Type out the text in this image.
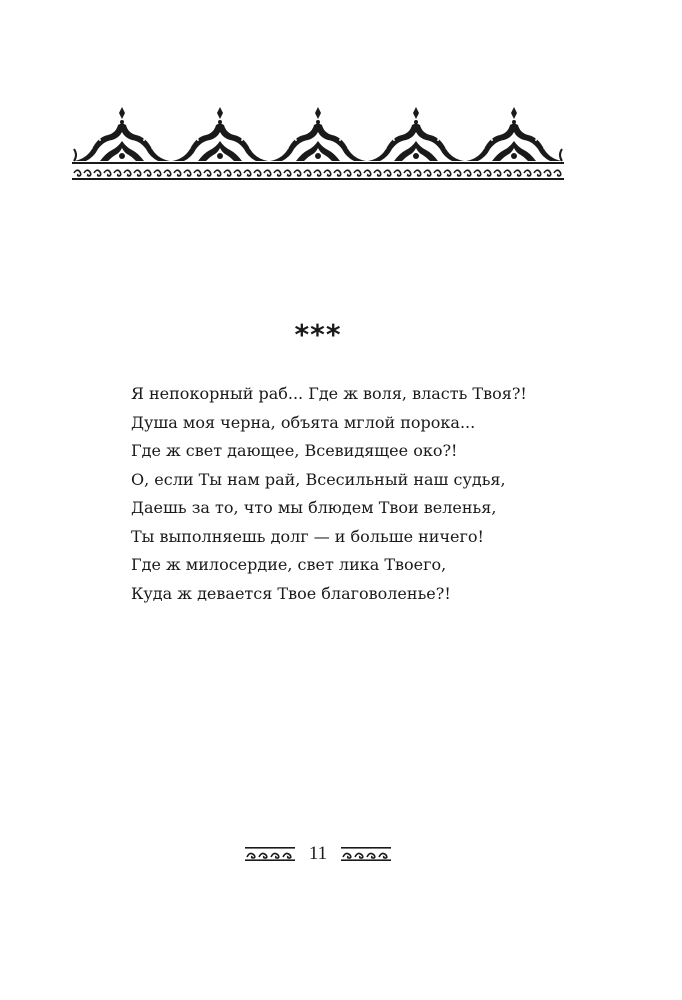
***
Я непокорный раб... Где ж воля, власть Твоя?!
Душа моя черна, объята мглой порока...
Где ж свет дающее, Всевидящее око?!
О, если Ты нам рай, Всесильный наш судья,
Даешь за то, что мы блюдем Твои веленья,
Ты выполняешь долг — и больше ничего!
Где ж милосердие, свет лика Твоего,
Куда ж девается Твое благоволенье?!
11
